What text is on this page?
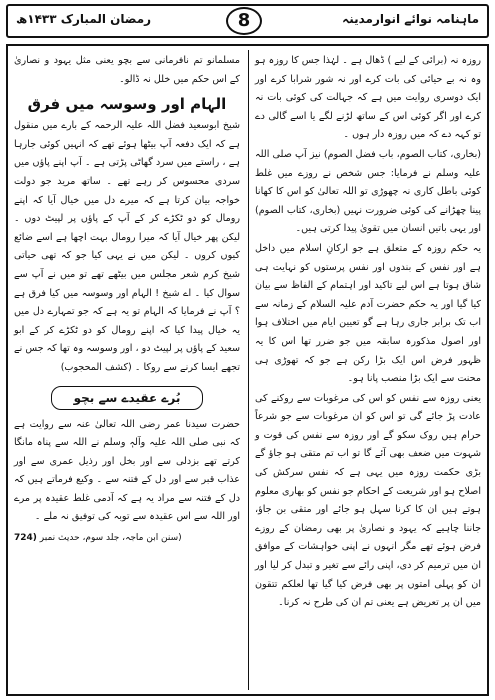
رمضان المبارک ۱۴۳۳ھ	8	ماہنامہ نوائے انوارمدینہ

روزہ نہ (برائی کے لیے ) ڈھال ہے ۔ لہٰذا جس کا روزہ ہو وہ نہ بے حیائی کی بات کرے اور نہ شور شرابا کرے اور ایک دوسری روایت میں ہے کہ جہالت کی کوئی بات نہ کرے اور اگر کوئی اس کے ساتھ لڑنے لگے یا اسے گالی دے تو کہہ دے کہ میں روزہ دار ہوں ۔

(بخاری، کتاب الصوم، باب فضل الصوم) نیز آپ صلی اللہ علیہ وسلم نے فرمایا: جس شخص نے روزے میں غلط کوئی باطل کاری نہ چھوڑی تو اللہ تعالیٰ کو اس کا کھانا پینا چھڑانے کی کوئی ضرورت نہیں (بخاری، کتاب الصوم) اور یہی باتیں انسان میں تقویٰ پیدا کرتی ہیں۔

یہ حکم روزہ کے متعلق ہے جو ارکانِ اسلام میں داخل ہے اور نفس کے بندوں اور نفس پرستوں کو نہایت ہی شاق ہوتا ہے اس لیے تاکید اور اہتمام کے الفاظ سے بیان کیا گیا اور یہ حکم حضرت آدم علیہ السلام کے زمانہ سے اب تک برابر جاری رہا ہے گو تعیین ایام میں اختلاف ہوا اور اصول مذکورہ سابقہ میں جو ضرر تھا اس کا یہ ظہور فرض اس ایک بڑا رکن ہے جو کہ تھوڑی ہی محنت سے ایک بڑا منصب پانا ہو۔

یعنی روزہ سے نفس کو اس کی مرغوبات سے روکنے کی عادت پڑ جائے گی تو اس کو ان مرغوبات سے جو شرعاً حرام ہیں روک سکو گے اور روزہ سے نفس کی قوت و شہوت میں ضعف بھی آئے گا تو اب تم متقی ہو جاؤ گے بڑی حکمت روزہ میں یہی ہے کہ نفس سرکش کی اصلاح ہو اور شریعت کے احکام جو نفس کو بھاری معلوم ہوتے ہیں ان کا کرنا سہل ہو جائے اور متقی بن جاؤ، جاننا چاہیے کہ یہود و نصاریٰ پر بھی رمضان کے روزے فرض ہوئے تھے مگر انہوں نے اپنی خواہشات کے موافق ان میں ترمیم کر دی، اپنی رائے سے تغیر و تبدل کر لیا اور ان کو پہلی امتوں پر بھی فرض کیا گیا تھا لعلکم تتقون میں ان پر تعریض ہے یعنی تم ان کی طرح نہ کرنا۔

مسلمانو تم نافرمانی سے بچو یعنی مثل یہود و نصاریٰ کے اس حکم میں خلل نہ ڈالو۔

الہام اور وسوسہ میں فرق

شیخ ابوسعید فضل اللہ علیہ الرحمہ کے بارے میں منقول ہے کہ ایک دفعہ آپ بیٹھا ہوئے تھے کہ انہیں کوئی جارہا ہے ، راستے میں سرد گھاٹی پڑتی ہے ۔ آپ اپنے پاؤں میں سردی محسوس کر رہے تھے ۔ ساتھ مرید جو دولت خواجہ بیان کرتا ہے کہ میرے دل میں خیال آیا کہ اپنے رومال کو دو ٹکڑے کر کے آپ کے پاؤں پر لپیٹ دوں ۔ لیکن پھر خیال آیا کہ میرا رومال بہت اچھا ہے اسے ضائع کیوں کروں ۔ لیکن میں نے یہی کیا جو کہ تھی حیاتی شیخ کرم شعر مجلس میں بیٹھے تھے تو میں نے آپ سے سوال کیا ۔ اے شیخ ! الہام اور وسوسہ میں کیا فرق ہے ؟ آپ نے فرمایا کہ الہام تو یہ ہے کہ جو تمہارے دل میں یہ خیال پیدا کیا کہ اپنے رومال کو دو ٹکڑے کر کے ابو سعید کے پاؤں پر لپیٹ دو ، اور وسوسہ وہ تھا کہ جس نے تجھے ایسا کرنے سے روکا ۔ (کشف المحجوب)

بُرے عقیدے سے بچو

حضرت سیدنا عمر رضی اللہ تعالیٰ عنہ سے روایت ہے کہ نبی صلی اللہ علیہ وآلہٖ وسلم نے اللہ سے پناہ مانگا کرتے تھے بزدلی سے اور بخل اور رذیل عمری سے اور عذاب قبر سے اور دل کے فتنہ سے ۔ وکیع فرماتے ہیں کہ دل کے فتنہ سے مراد یہ ہے کہ آدمی غلط عقیدہ پر مرے اور اللہ سے اس عقیدہ سے توبہ کی توفیق نہ ملے ۔

(سنن ابن ماجہ، جلد سوم، حدیث نمبر 724)
